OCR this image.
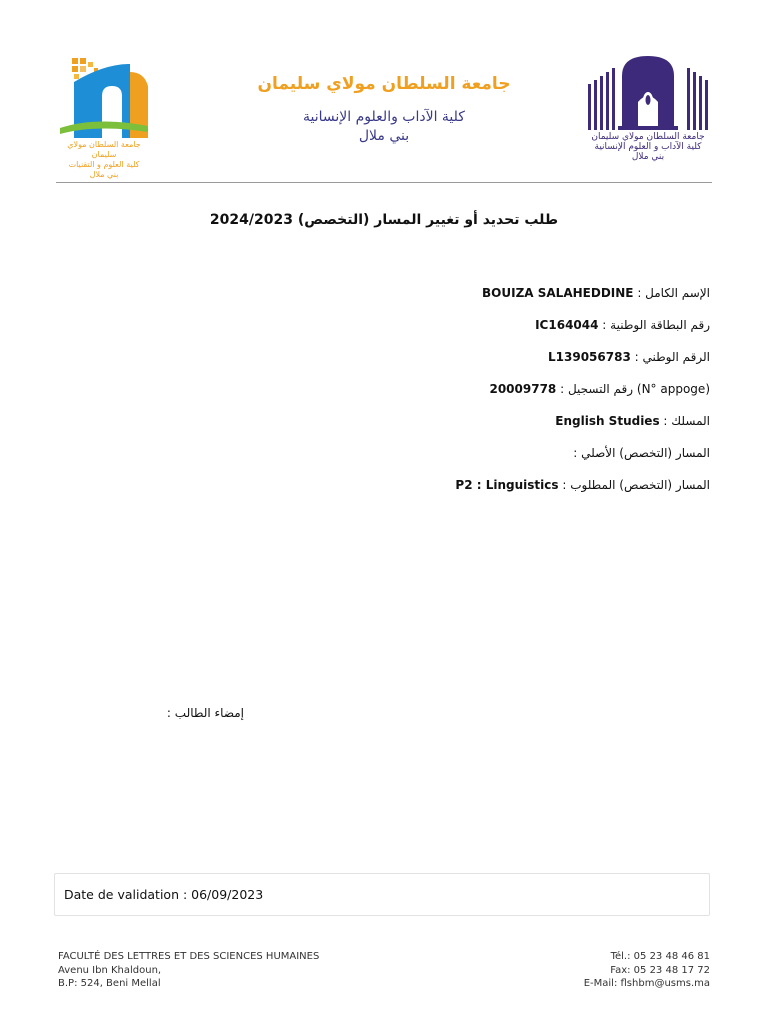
جامعة السلطان مولاي سليمان
كلية العلوم و التقنيات
بني ملال
جامعة السلطان مولاي سليمان
كلية الآداب والعلوم الإنسانية
بني ملال	جامعة السلطان مولاي سليمان
كلية الآداب و العلوم الإنسانية
بني ملال
طلب تحديد أو تغيير المسار (التخصص) 2024/2023
الإسم الكامل : BOUIZA SALAHEDDINE
رقم البطاقة الوطنية : IC164044
الرقم الوطني : L139056783
(N° appoge) رقم التسجيل : 20009778
المسلك : English Studies
المسار (التخصص) الأصلي :
المسار (التخصص) المطلوب : P2 : Linguistics
إمضاء الطالب :
Date de validation : 06/09/2023
FACULTÉ DES LETTRES ET DES SCIENCES HUMAINES
Avenu Ibn Khaldoun,
B.P: 524, Beni Mellal
Tél.: 05 23 48 46 81
Fax: 05 23 48 17 72
E-Mail: flshbm@usms.ma
